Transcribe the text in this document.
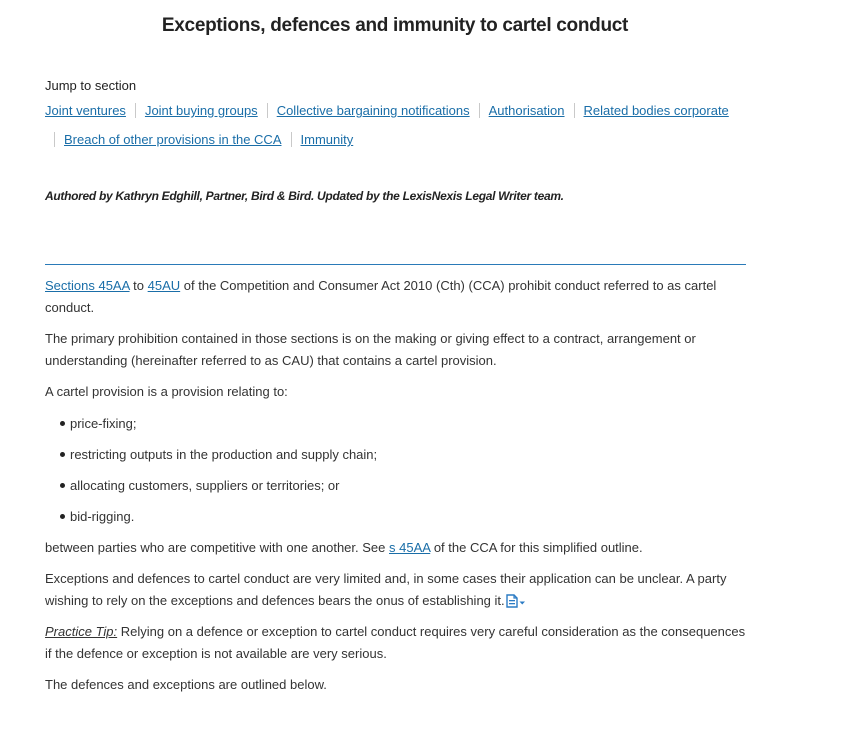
Exceptions, defences and immunity to cartel conduct
Jump to section
Joint ventures Joint buying groups Collective bargaining notifications Authorisation Related bodies corporate
Breach of other provisions in the CCA Immunity
Authored by Kathryn Edghill, Partner, Bird & Bird. Updated by the LexisNexis Legal Writer team.

Sections 45AA to 45AU of the Competition and Consumer Act 2010 (Cth) (CCA) prohibit conduct referred to as cartel conduct.

The primary prohibition contained in those sections is on the making or giving effect to a contract, arrangement or understanding (hereinafter referred to as CAU) that contains a cartel provision.

A cartel provision is a provision relating to:

price-fixing;
restricting outputs in the production and supply chain;
allocating customers, suppliers or territories; or
bid-rigging.

between parties who are competitive with one another. See s 45AA of the CCA for this simplified outline.

Exceptions and defences to cartel conduct are very limited and, in some cases their application can be unclear. A party wishing to rely on the exceptions and defences bears the onus of establishing it.

Practice Tip: Relying on a defence or exception to cartel conduct requires very careful consideration as the consequences if the defence or exception is not available are very serious.

The defences and exceptions are outlined below.
